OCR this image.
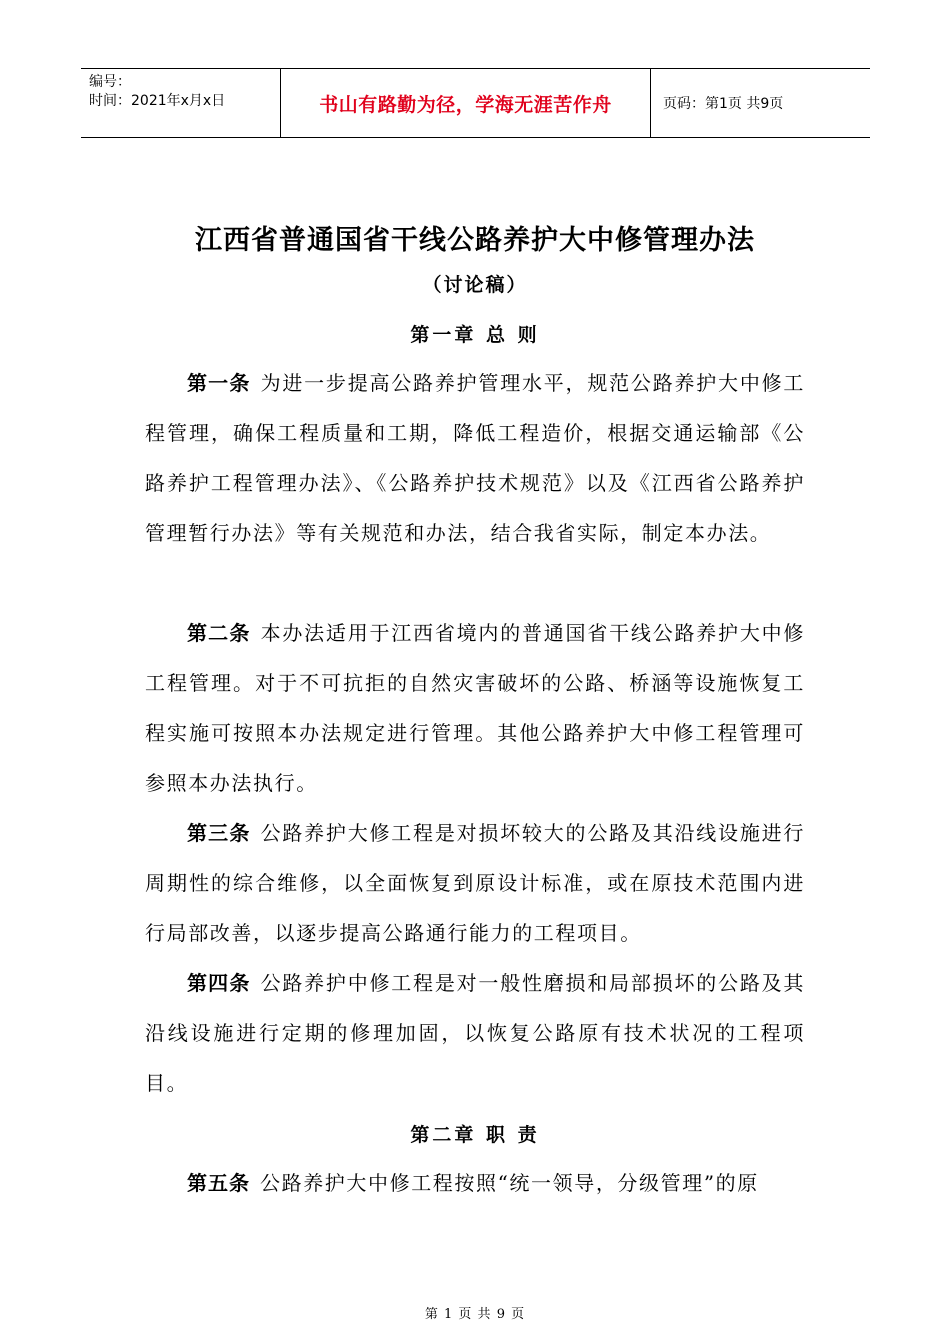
编号：
时间：2021年x月x日	书山有路勤为径，学海无涯苦作舟	页码：第1页 共9页
江西省普通国省干线公路养护大中修管理办法
（讨论稿）
第一章 总 则

第一条 为进一步提高公路养护管理水平，规范公路养护大中修工程管理，确保工程质量和工期，降低工程造价，根据交通运输部《公路养护工程管理办法》、《公路养护技术规范》以及《江西省公路养护管理暂行办法》等有关规范和办法，结合我省实际，制定本办法。

第二条 本办法适用于江西省境内的普通国省干线公路养护大中修工程管理。对于不可抗拒的自然灾害破坏的公路、桥涵等设施恢复工程实施可按照本办法规定进行管理。其他公路养护大中修工程管理可参照本办法执行。

第三条 公路养护大修工程是对损坏较大的公路及其沿线设施进行周期性的综合维修，以全面恢复到原设计标准，或在原技术范围内进行局部改善，以逐步提高公路通行能力的工程项目。

第四条 公路养护中修工程是对一般性磨损和局部损坏的公路及其沿线设施进行定期的修理加固，以恢复公路原有技术状况的工程项目。

第二章 职 责

第五条 公路养护大中修工程按照“统一领导，分级管理”的原

第 1 页 共 9 页
